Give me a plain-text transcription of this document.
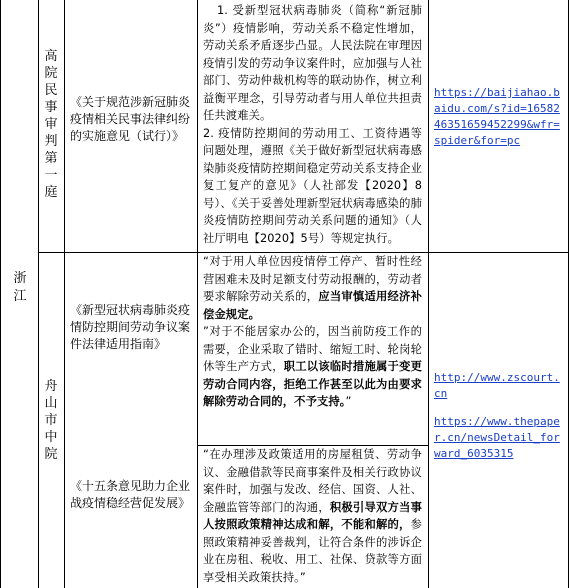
浙江
高院民事审判第一庭
《关于规范涉新冠肺炎疫情相关民事法律纠纷的实施意见（试行）》
1. 受新型冠状病毒肺炎（简称“新冠肺炎”）疫情影响，劳动关系不稳定性增加，劳动关系矛盾逐步凸显。人民法院在审理因疫情引发的劳动争议案件时，应加强与人社部门、劳动仲裁机构等的联动协作，树立利益衡平理念，引导劳动者与用人单位共担责任共渡难关。
2. 疫情防控期间的劳动用工、工资待遇等问题处理，遵照《关于做好新型冠状病毒感染肺炎疫情防控期间稳定劳动关系支持企业复工复产的意见》（人社部发【2020】8号）、《关于妥善处理新型冠状病毒感染的肺炎疫情防控期间劳动关系问题的通知》（人社厅明电【2020】5号）等规定执行。
https://baijiahao.baidu.com/s?id=1658246351659452299&wfr=spider&for=pc
舟山市中院
《新型冠状病毒肺炎疫情防控期间劳动争议案件法律适用指南》
“对于用人单位因疫情停工停产、暂时性经营困难未及时足额支付劳动报酬的，劳动者要求解除劳动关系的，应当审慎适用经济补偿金规定。
”对于不能居家办公的，因当前防疫工作的需要，企业采取了错时、缩短工时、轮岗轮休等生产方式，职工以该临时措施属于变更劳动合同内容，拒绝工作甚至以此为由要求解除劳动合同的，不予支持。”
http://www.zscourt.cn
《十五条意见助力企业战疫情稳经营促发展》
“在办理涉及政策适用的房屋租赁、劳动争议、金融借款等民商事案件及相关行政协议案件时，加强与发改、经信、国资、人社、金融监管等部门的沟通，积极引导双方当事人按照政策精神达成和解，不能和解的，参照政策精神妥善裁判，让符合条件的涉诉企业在房租、税收、用工、社保、贷款等方面享受相关政策扶持。”
https://www.thepaper.cn/newsDetail_forward_6035315
